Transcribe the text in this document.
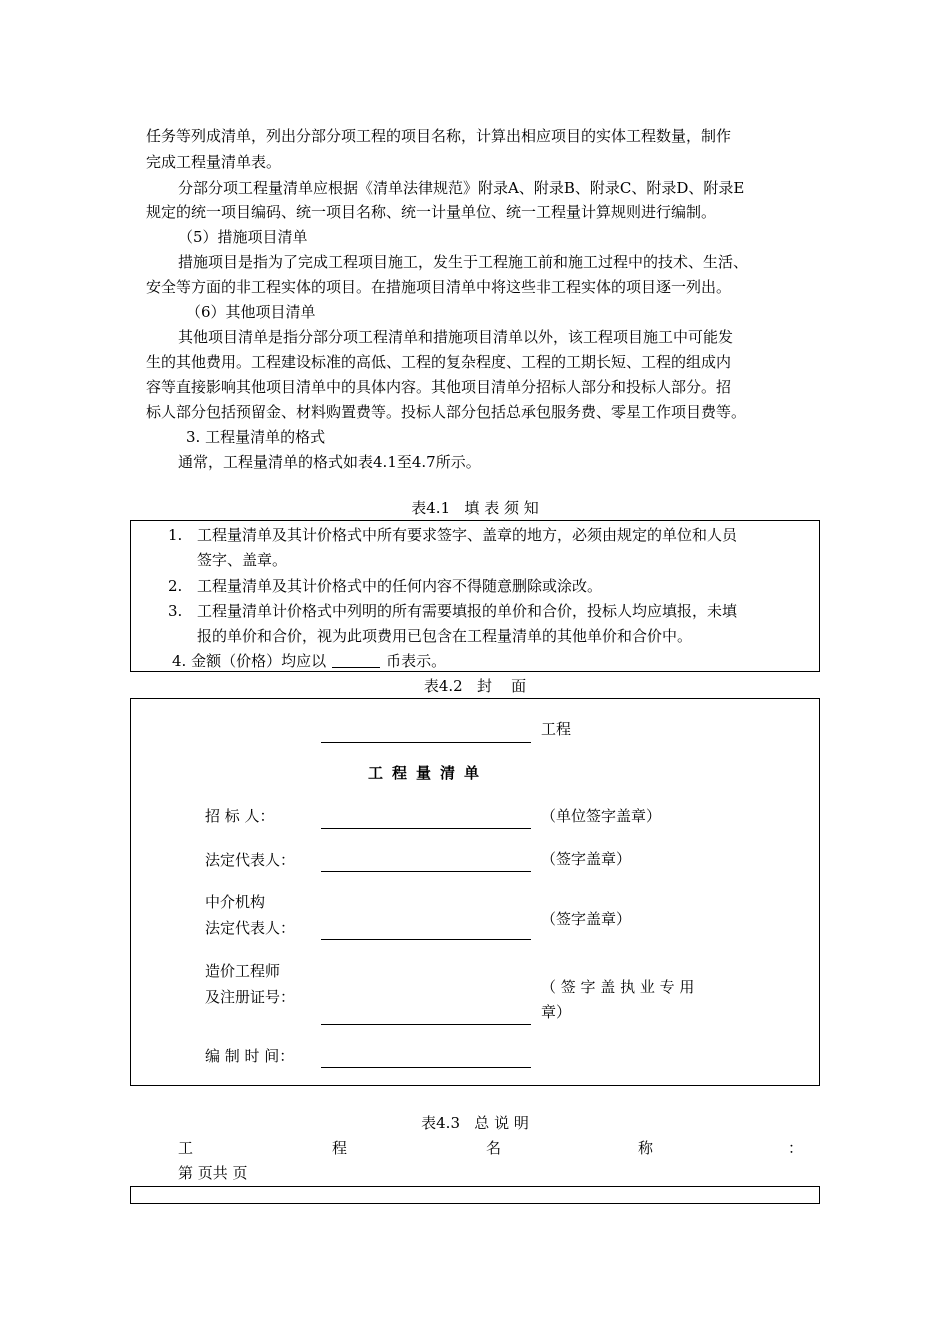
任务等列成清单，列出分部分项工程的项目名称，计算出相应项目的实体工程数量，制作
完成工程量清单表。
分部分项工程量清单应根据《清单法律规范》附录A、附录B、附录C、附录D、附录E
规定的统一项目编码、统一项目名称、统一计量单位、统一工程量计算规则进行编制。
（5）措施项目清单
措施项目是指为了完成工程项目施工，发生于工程施工前和施工过程中的技术、生活、
安全等方面的非工程实体的项目。在措施项目清单中将这些非工程实体的项目逐一列出。
（6）其他项目清单
其他项目清单是指分部分项工程清单和措施项目清单以外，该工程项目施工中可能发
生的其他费用。工程建设标准的高低、工程的复杂程度、工程的工期长短、工程的组成内
容等直接影响其他项目清单中的具体内容。其他项目清单分招标人部分和投标人部分。招
标人部分包括预留金、材料购置费等。投标人部分包括总承包服务费、零星工作项目费等。
3. 工程量清单的格式
通常，工程量清单的格式如表4.1至4.7所示。
表4.1   填 表 须 知
1. 工程量清单及其计价格式中所有要求签字、盖章的地方，必须由规定的单位和人员
签字、盖章。
2. 工程量清单及其计价格式中的任何内容不得随意删除或涂改。
3. 工程量清单计价格式中列明的所有需要填报的单价和合价，投标人均应填报，未填
报的单价和合价，视为此项费用已包含在工程量清单的其他单价和合价中。
4. 金额（价格）均应以	币表示。
表4.2   封    面
工程
工程量清单
招 标 人：	（单位签字盖章）
法定代表人：	（签字盖章）
中介机构
法定代表人：	（签字盖章）
造价工程师
及注册证号：
（ 签 字 盖 执 业 专 用
章）
编 制 时 间：
表4.3   总 说 明
工	程	名	称	：
第 页共 页
